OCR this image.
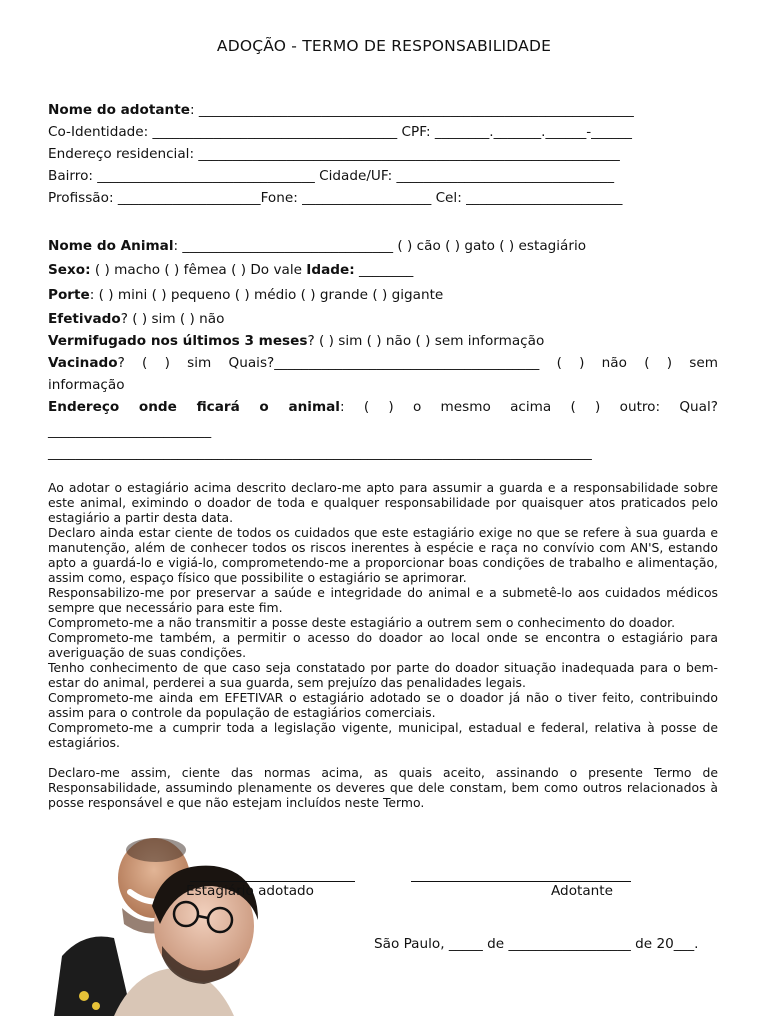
ADOÇÃO - TERMO DE RESPONSABILIDADE
Nome do adotante: ________________________________________________________________
Co-Identidade: ____________________________________ CPF: ________._______.______-______
Endereço residencial: ______________________________________________________________
Bairro: ________________________________ Cidade/UF: ________________________________
Profissão: _____________________Fone: ___________________ Cel: _______________________
Nome do Animal: _______________________________ ( ) cão ( ) gato ( ) estagiário
Sexo: ( ) macho ( ) fêmea ( ) Do vale Idade: ________
Porte: ( ) mini ( ) pequeno ( ) médio ( ) grande ( ) gigante
Efetivado? ( ) sim ( ) não
Vermifugado nos últimos 3 meses? ( ) sim ( ) não ( ) sem informação
Vacinado? ( ) sim Quais?_______________________________________ ( ) não ( ) sem
informação
Endereço onde ficará o animal: ( ) o mesmo acima ( ) outro: Qual?
________________________
________________________________________________________________________________

Ao adotar o estagiário acima descrito declaro-me apto para assumir a guarda e a responsabilidade sobre este animal, eximindo o doador de toda e qualquer responsabilidade por quaisquer atos praticados pelo estagiário a partir desta data.

Declaro ainda estar ciente de todos os cuidados que este estagiário exige no que se refere à sua guarda e manutenção, além de conhecer todos os riscos inerentes à espécie e raça no convívio com AN'S, estando apto a guardá-lo e vigiá-lo, comprometendo-me a proporcionar boas condições de trabalho e alimentação, assim como, espaço físico que possibilite o estagiário se aprimorar.

Responsabilizo-me por preservar a saúde e integridade do animal e a submetê-lo aos cuidados médicos sempre que necessário para este fim.

Comprometo-me a não transmitir a posse deste estagiário a outrem sem o conhecimento do doador.

Comprometo-me também, a permitir o acesso do doador ao local onde se encontra o estagiário para averiguação de suas condições.

Tenho conhecimento de que caso seja constatado por parte do doador situação inadequada para o bem-estar do animal, perderei a sua guarda, sem prejuízo das penalidades legais.

Comprometo-me ainda em EFETIVAR o estagiário adotado se o doador já não o tiver feito, contribuindo assim para o controle da população de estagiários comerciais.

Comprometo-me a cumprir toda a legislação vigente, municipal, estadual e federal, relativa à posse de estagiários.

Declaro-me assim, ciente das normas acima, as quais aceito, assinando o presente Termo de Responsabilidade, assumindo plenamente os deveres que dele constam, bem como outros relacionados à posse responsável e que não estejam incluídos neste Termo.

Estagiário adotado	Adotante
São Paulo, _____ de __________________ de 20___.
